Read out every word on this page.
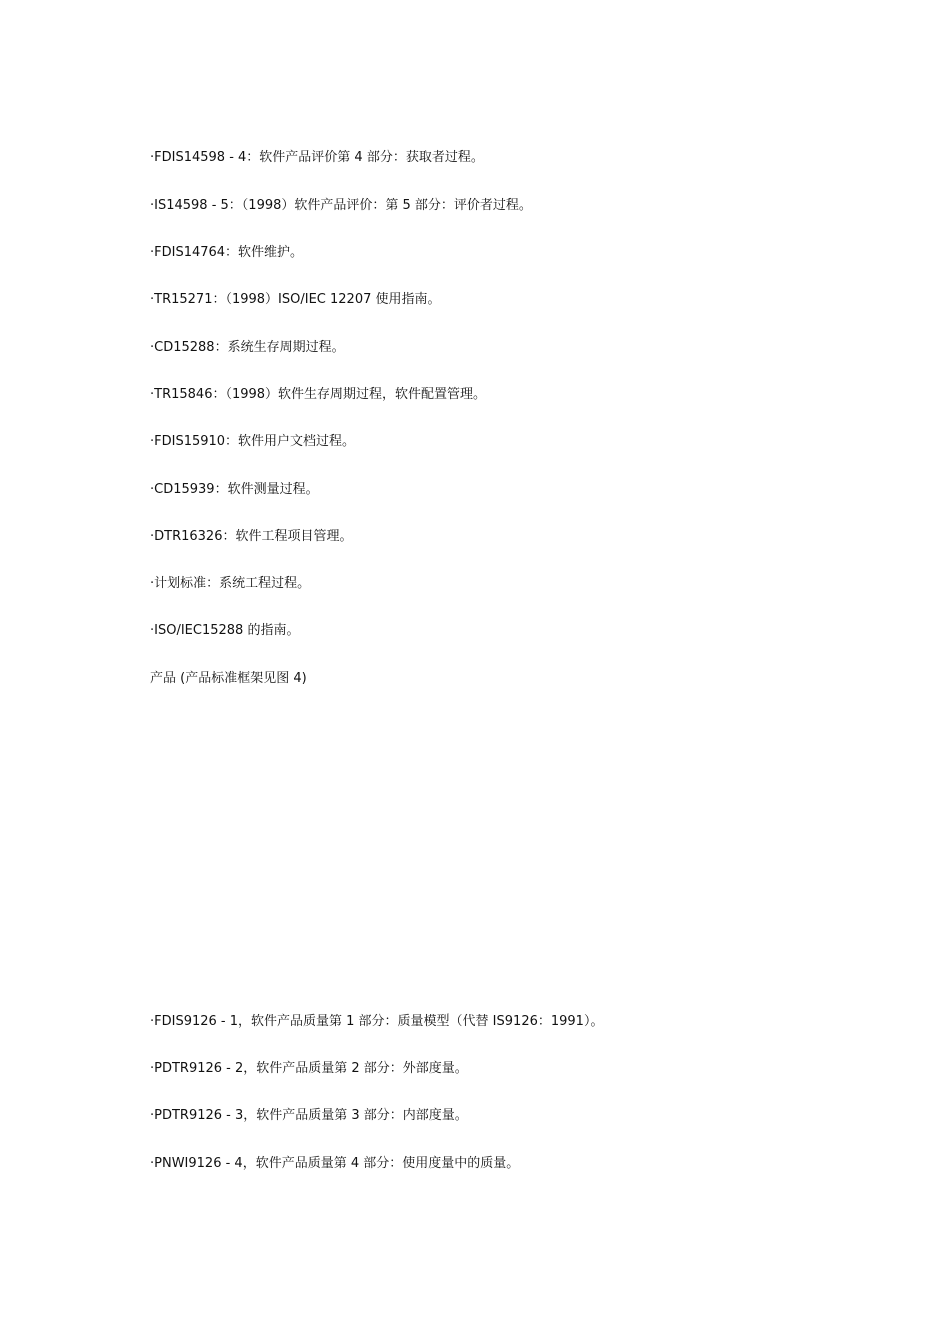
·FDIS14598 - 4：软件产品评价第 4 部分：获取者过程。
·IS14598 - 5：（1998）软件产品评价：第 5 部分：评价者过程。
·FDIS14764：软件维护。
·TR15271：（1998）ISO/IEC 12207 使用指南。
·CD15288：系统生存周期过程。
·TR15846：（1998）软件生存周期过程，软件配置管理。
·FDIS15910：软件用户文档过程。
·CD15939：软件测量过程。
·DTR16326：软件工程项目管理。
·计划标准：系统工程过程。
·ISO/IEC15288 的指南。
产品 (产品标准框架见图 4)
·FDIS9126 - 1，软件产品质量第 1 部分：质量模型（代替 IS9126：1991）。
·PDTR9126 - 2，软件产品质量第 2 部分：外部度量。
·PDTR9126 - 3，软件产品质量第 3 部分：内部度量。
·PNWI9126 - 4，软件产品质量第 4 部分：使用度量中的质量。
